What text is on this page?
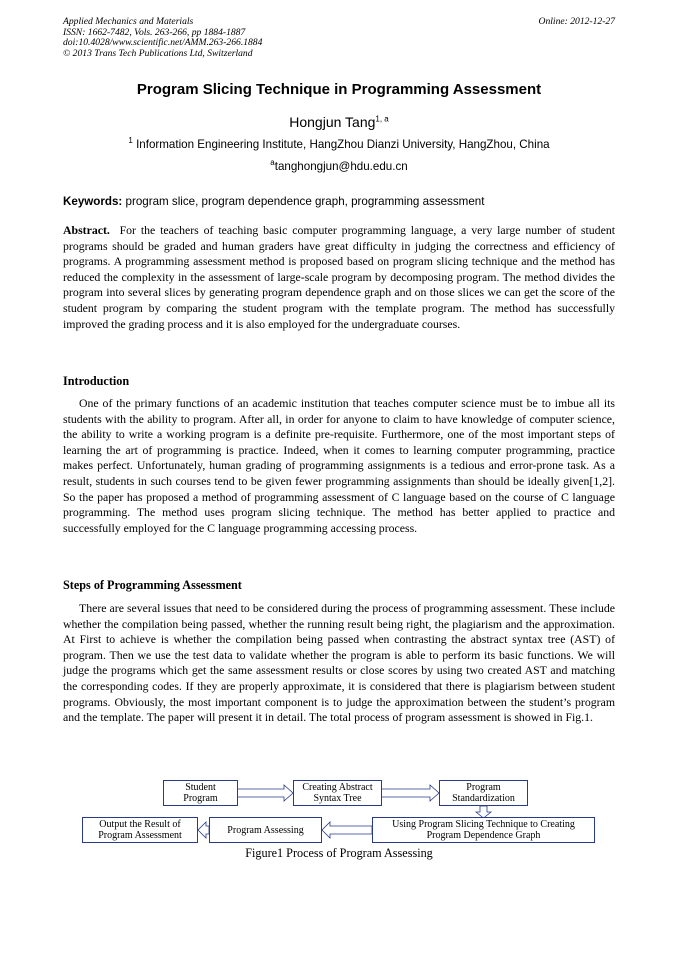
Applied Mechanics and Materials
ISSN: 1662-7482, Vols. 263-266, pp 1884-1887
doi:10.4028/www.scientific.net/AMM.263-266.1884
© 2013 Trans Tech Publications Ltd, Switzerland
Online: 2012-12-27
Program Slicing Technique in Programming Assessment
Hongjun Tang$^{1, a}$
$^1$ Information Engineering Institute, HangZhou Dianzi University, HangZhou, China
$^a$tanghongjun@hdu.edu.cn
Keywords: program slice, program dependence graph, programming assessment

Abstract. For the teachers of teaching basic computer programming language, a very large number of student programs should be graded and human graders have great difficulty in judging the correctness and efficiency of programs. A programming assessment method is proposed based on program slicing technique and the method has reduced the complexity in the assessment of large-scale program by decomposing program. The method divides the program into several slices by generating program dependence graph and on those slices we can get the score of the student program by comparing the student program with the template program. The method has successfully improved the grading process and it is also employed for the undergraduate courses.

Introduction

One of the primary functions of an academic institution that teaches computer science must be to imbue all its students with the ability to program. After all, in order for anyone to claim to have knowledge of computer science, the ability to write a working program is a definite pre-requisite. Furthermore, one of the most important steps of learning the art of programming is practice. Indeed, when it comes to learning computer programming, practice makes perfect. Unfortunately, human grading of programming assignments is a tedious and error-prone task. As a result, students in such courses tend to be given fewer programming assignments than should be ideally given[1,2]. So the paper has proposed a method of programming assessment of C language based on the course of C language programming. The method uses program slicing technique. The method has better applied to practice and successfully employed for the C language programming accessing process.

Steps of Programming Assessment

There are several issues that need to be considered during the process of programming assessment. These include whether the compilation being passed, whether the running result being right, the plagiarism and the approximation. At First to achieve is whether the compilation being passed when contrasting the abstract syntax tree (AST) of program. Then we use the test data to validate whether the program is able to perform its basic functions. We will judge the programs which get the same assessment results or close scores by using two created AST and matching the corresponding codes. If they are properly approximate, it is considered that there is plagiarism between student programs. Obviously, the most important component is to judge the approximation between the student’s program and the template. The paper will present it in detail. The total process of program assessment is showed in Fig.1.

Student
Program
Creating Abstract
Syntax Tree
Program
Standardization
Using Program Slicing Technique to Creating
Program Dependence Graph
Program Assessing
Output the Result of
Program Assessment
Figure1 Process of Program Assessing
